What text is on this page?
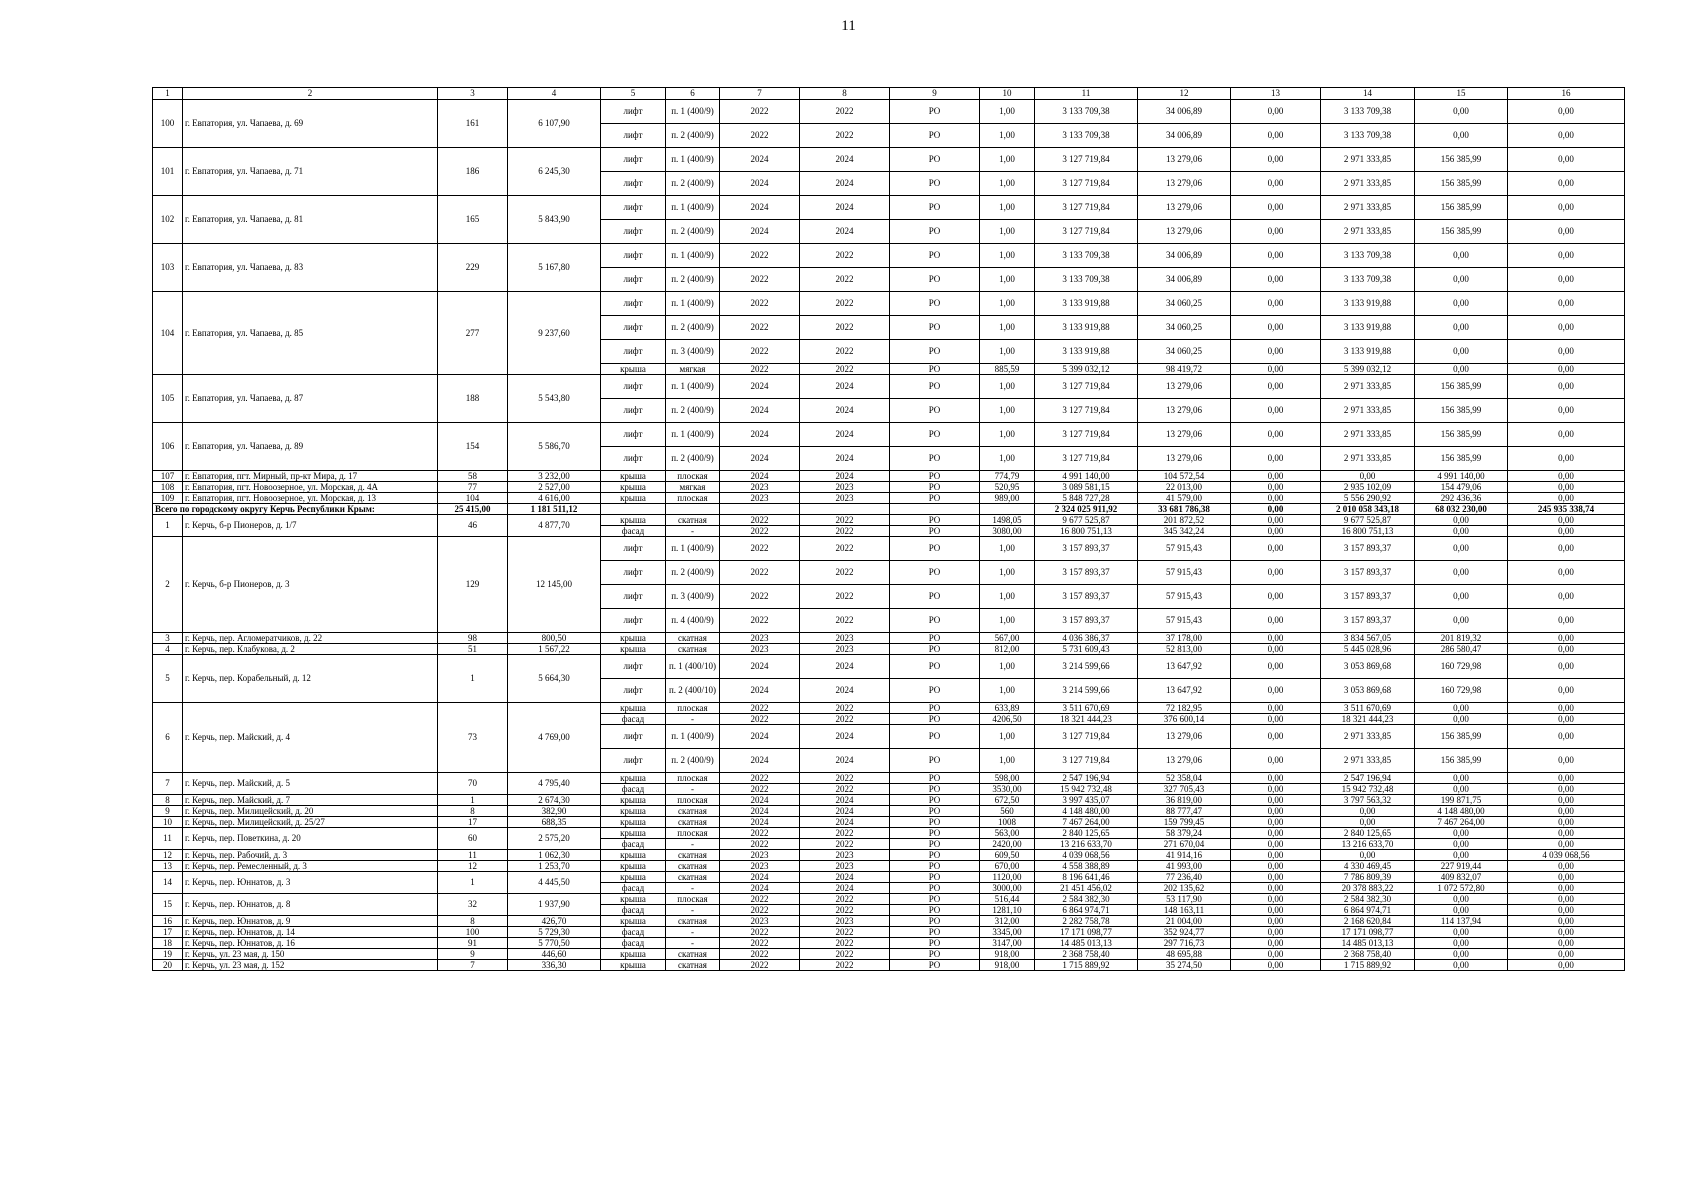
11
1	2	3	4	5	6	7	8	9	10	11	12	13	14	15	16
100	г. Евпатория, ул. Чапаева, д. 69	161	6 107,90	лифт	п. 1 (400/9)	2022	2022	РО	1,00	3 133 709,38	34 006,89	0,00	3 133 709,38	0,00	0,00
				лифт	п. 2 (400/9)	2022	2022	РО	1,00	3 133 709,38	34 006,89	0,00	3 133 709,38	0,00	0,00
101	г. Евпатория, ул. Чапаева, д. 71	186	6 245,30	лифт	п. 1 (400/9)	2024	2024	РО	1,00	3 127 719,84	13 279,06	0,00	2 971 333,85	156 385,99	0,00
				лифт	п. 2 (400/9)	2024	2024	РО	1,00	3 127 719,84	13 279,06	0,00	2 971 333,85	156 385,99	0,00
102	г. Евпатория, ул. Чапаева, д. 81	165	5 843,90	лифт	п. 1 (400/9)	2024	2024	РО	1,00	3 127 719,84	13 279,06	0,00	2 971 333,85	156 385,99	0,00
				лифт	п. 2 (400/9)	2024	2024	РО	1,00	3 127 719,84	13 279,06	0,00	2 971 333,85	156 385,99	0,00
103	г. Евпатория, ул. Чапаева, д. 83	229	5 167,80	лифт	п. 1 (400/9)	2022	2022	РО	1,00	3 133 709,38	34 006,89	0,00	3 133 709,38	0,00	0,00
				лифт	п. 2 (400/9)	2022	2022	РО	1,00	3 133 709,38	34 006,89	0,00	3 133 709,38	0,00	0,00
104	г. Евпатория, ул. Чапаева, д. 85	277	9 237,60	лифт	п. 1 (400/9)	2022	2022	РО	1,00	3 133 919,88	34 060,25	0,00	3 133 919,88	0,00	0,00
				лифт	п. 2 (400/9)	2022	2022	РО	1,00	3 133 919,88	34 060,25	0,00	3 133 919,88	0,00	0,00
				лифт	п. 3 (400/9)	2022	2022	РО	1,00	3 133 919,88	34 060,25	0,00	3 133 919,88	0,00	0,00
				крыша	мягкая	2022	2022	РО	885,59	5 399 032,12	98 419,72	0,00	5 399 032,12	0,00	0,00
105	г. Евпатория, ул. Чапаева, д. 87	188	5 543,80	лифт	п. 1 (400/9)	2024	2024	РО	1,00	3 127 719,84	13 279,06	0,00	2 971 333,85	156 385,99	0,00
				лифт	п. 2 (400/9)	2024	2024	РО	1,00	3 127 719,84	13 279,06	0,00	2 971 333,85	156 385,99	0,00
106	г. Евпатория, ул. Чапаева, д. 89	154	5 586,70	лифт	п. 1 (400/9)	2024	2024	РО	1,00	3 127 719,84	13 279,06	0,00	2 971 333,85	156 385,99	0,00
				лифт	п. 2 (400/9)	2024	2024	РО	1,00	3 127 719,84	13 279,06	0,00	2 971 333,85	156 385,99	0,00
107	г. Евпатория, пгт. Мирный, пр-кт Мира, д. 17	58	3 232,00	крыша	плоская	2024	2024	РО	774,79	4 991 140,00	104 572,54	0,00	0,00	4 991 140,00	0,00
108	г. Евпатория, пгт. Новоозерное, ул. Морская, д. 4А	77	2 527,00	крыша	мягкая	2023	2023	РО	520,95	3 089 581,15	22 013,00	0,00	2 935 102,09	154 479,06	0,00
109	г. Евпатория, пгт. Новоозерное, ул. Морская, д. 13	104	4 616,00	крыша	плоская	2023	2023	РО	989,00	5 848 727,28	41 579,00	0,00	5 556 290,92	292 436,36	0,00
Всего по городскому округу Керчь Республики Крым:		25 415,00	1 181 511,12							2 324 025 911,92	33 681 786,38	0,00	2 010 058 343,18	68 032 230,00	245 935 338,74
1	г. Керчь, б-р Пионеров, д. 1/7	46	4 877,70	крыша	скатная	2022	2022	РО	1498,05	9 677 525,87	201 872,52	0,00	9 677 525,87	0,00	0,00
				фасад	-	2022	2022	РО	3080,00	16 800 751,13	345 342,24	0,00	16 800 751,13	0,00	0,00
2	г. Керчь, б-р Пионеров, д. 3	129	12 145,00	лифт	п. 1 (400/9)	2022	2022	РО	1,00	3 157 893,37	57 915,43	0,00	3 157 893,37	0,00	0,00
				лифт	п. 2 (400/9)	2022	2022	РО	1,00	3 157 893,37	57 915,43	0,00	3 157 893,37	0,00	0,00
				лифт	п. 3 (400/9)	2022	2022	РО	1,00	3 157 893,37	57 915,43	0,00	3 157 893,37	0,00	0,00
				лифт	п. 4 (400/9)	2022	2022	РО	1,00	3 157 893,37	57 915,43	0,00	3 157 893,37	0,00	0,00
3	г. Керчь, пер. Агломератчиков, д. 22	98	800,50	крыша	скатная	2023	2023	РО	567,00	4 036 386,37	37 178,00	0,00	3 834 567,05	201 819,32	0,00
4	г. Керчь, пер. Клабукова, д. 2	51	1 567,22	крыша	скатная	2023	2023	РО	812,00	5 731 609,43	52 813,00	0,00	5 445 028,96	286 580,47	0,00
5	г. Керчь, пер. Корабельный, д. 12	1	5 664,30	лифт	п. 1 (400/10)	2024	2024	РО	1,00	3 214 599,66	13 647,92	0,00	3 053 869,68	160 729,98	0,00
				лифт	п. 2 (400/10)	2024	2024	РО	1,00	3 214 599,66	13 647,92	0,00	3 053 869,68	160 729,98	0,00
6	г. Керчь, пер. Майский, д. 4	73	4 769,00	крыша	плоская	2022	2022	РО	633,89	3 511 670,69	72 182,95	0,00	3 511 670,69	0,00	0,00
				фасад	-	2022	2022	РО	4206,50	18 321 444,23	376 600,14	0,00	18 321 444,23	0,00	0,00
				лифт	п. 1 (400/9)	2024	2024	РО	1,00	3 127 719,84	13 279,06	0,00	2 971 333,85	156 385,99	0,00
				лифт	п. 2 (400/9)	2024	2024	РО	1,00	3 127 719,84	13 279,06	0,00	2 971 333,85	156 385,99	0,00
7	г. Керчь, пер. Майский, д. 5	70	4 795,40	крыша	плоская	2022	2022	РО	598,00	2 547 196,94	52 358,04	0,00	2 547 196,94	0,00	0,00
				фасад	-	2022	2022	РО	3530,00	15 942 732,48	327 705,43	0,00	15 942 732,48	0,00	0,00
8	г. Керчь, пер. Майский, д. 7	1	2 674,30	крыша	плоская	2024	2024	РО	672,50	3 997 435,07	36 819,00	0,00	3 797 563,32	199 871,75	0,00
9	г. Керчь, пер. Милицейский, д. 20	8	382,90	крыша	скатная	2024	2024	РО	560	4 148 480,00	88 777,47	0,00	0,00	4 148 480,00	0,00
10	г. Керчь, пер. Милицейский, д. 25/27	17	688,35	крыша	скатная	2024	2024	РО	1008	7 467 264,00	159 799,45	0,00	0,00	7 467 264,00	0,00
11	г. Керчь, пер. Поветкина, д. 20	60	2 575,20	крыша	плоская	2022	2022	РО	563,00	2 840 125,65	58 379,24	0,00	2 840 125,65	0,00	0,00
				фасад	-	2022	2022	РО	2420,00	13 216 633,70	271 670,04	0,00	13 216 633,70	0,00	0,00
12	г. Керчь, пер. Рабочий, д. 3	11	1 062,30	крыша	скатная	2023	2023	РО	609,50	4 039 068,56	41 914,16	0,00	0,00	0,00	4 039 068,56
13	г. Керчь, пер. Ремесленный, д. 3	12	1 253,70	крыша	скатная	2023	2023	РО	670,00	4 558 388,89	41 993,00	0,00	4 330 469,45	227 919,44	0,00
14	г. Керчь, пер. Юннатов, д. 3	1	4 445,50	крыша	скатная	2024	2024	РО	1120,00	8 196 641,46	77 236,40	0,00	7 786 809,39	409 832,07	0,00
				фасад	-	2024	2024	РО	3000,00	21 451 456,02	202 135,62	0,00	20 378 883,22	1 072 572,80	0,00
15	г. Керчь, пер. Юннатов, д. 8	32	1 937,90	крыша	плоская	2022	2022	РО	516,44	2 584 382,30	53 117,90	0,00	2 584 382,30	0,00	0,00
				фасад	-	2022	2022	РО	1281,10	6 864 974,71	148 163,11	0,00	6 864 974,71	0,00	0,00
16	г. Керчь, пер. Юннатов, д. 9	8	426,70	крыша	скатная	2023	2023	РО	312,00	2 282 758,78	21 004,00	0,00	2 168 620,84	114 137,94	0,00
17	г. Керчь, пер. Юннатов, д. 14	100	5 729,30	фасад	-	2022	2022	РО	3345,00	17 171 098,77	352 924,77	0,00	17 171 098,77	0,00	0,00
18	г. Керчь, пер. Юннатов, д. 16	91	5 770,50	фасад	-	2022	2022	РО	3147,00	14 485 013,13	297 716,73	0,00	14 485 013,13	0,00	0,00
19	г. Керчь, ул. 23 мая, д. 150	9	446,60	крыша	скатная	2022	2022	РО	918,00	2 368 758,40	48 695,88	0,00	2 368 758,40	0,00	0,00
20	г. Керчь, ул. 23 мая, д. 152	7	336,30	крыша	скатная	2022	2022	РО	918,00	1 715 889,92	35 274,50	0,00	1 715 889,92	0,00	0,00
